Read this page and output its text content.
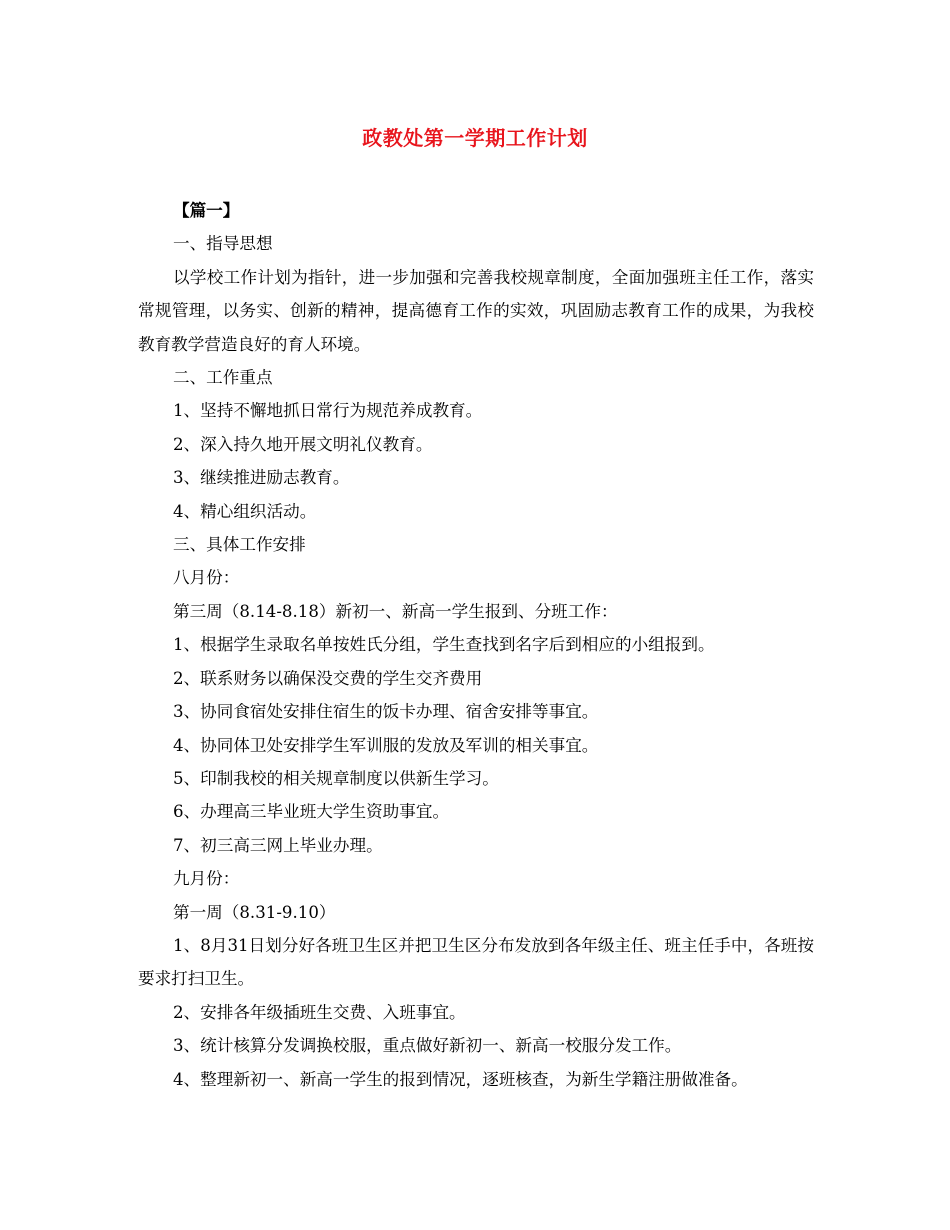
政教处第一学期工作计划

【篇一】

一、指导思想

以学校工作计划为指针，进一步加强和完善我校规章制度，全面加强班主任工作，落实常规管理，以务实、创新的精神，提高德育工作的实效，巩固励志教育工作的成果，为我校教育教学营造良好的育人环境。

二、工作重点

1、坚持不懈地抓日常行为规范养成教育。

2、深入持久地开展文明礼仪教育。

3、继续推进励志教育。

4、精心组织活动。

三、具体工作安排

八月份：

第三周（8.14-8.18）新初一、新高一学生报到、分班工作：

1、根据学生录取名单按姓氏分组，学生查找到名字后到相应的小组报到。

2、联系财务以确保没交费的学生交齐费用

3、协同食宿处安排住宿生的饭卡办理、宿舍安排等事宜。

4、协同体卫处安排学生军训服的发放及军训的相关事宜。

5、印制我校的相关规章制度以供新生学习。

6、办理高三毕业班大学生资助事宜。

7、初三高三网上毕业办理。

九月份：

第一周（8.31-9.10）

1、8月31日划分好各班卫生区并把卫生区分布发放到各年级主任、班主任手中，各班按要求打扫卫生。

2、安排各年级插班生交费、入班事宜。

3、统计核算分发调换校服，重点做好新初一、新高一校服分发工作。

4、整理新初一、新高一学生的报到情况，逐班核查，为新生学籍注册做准备。
